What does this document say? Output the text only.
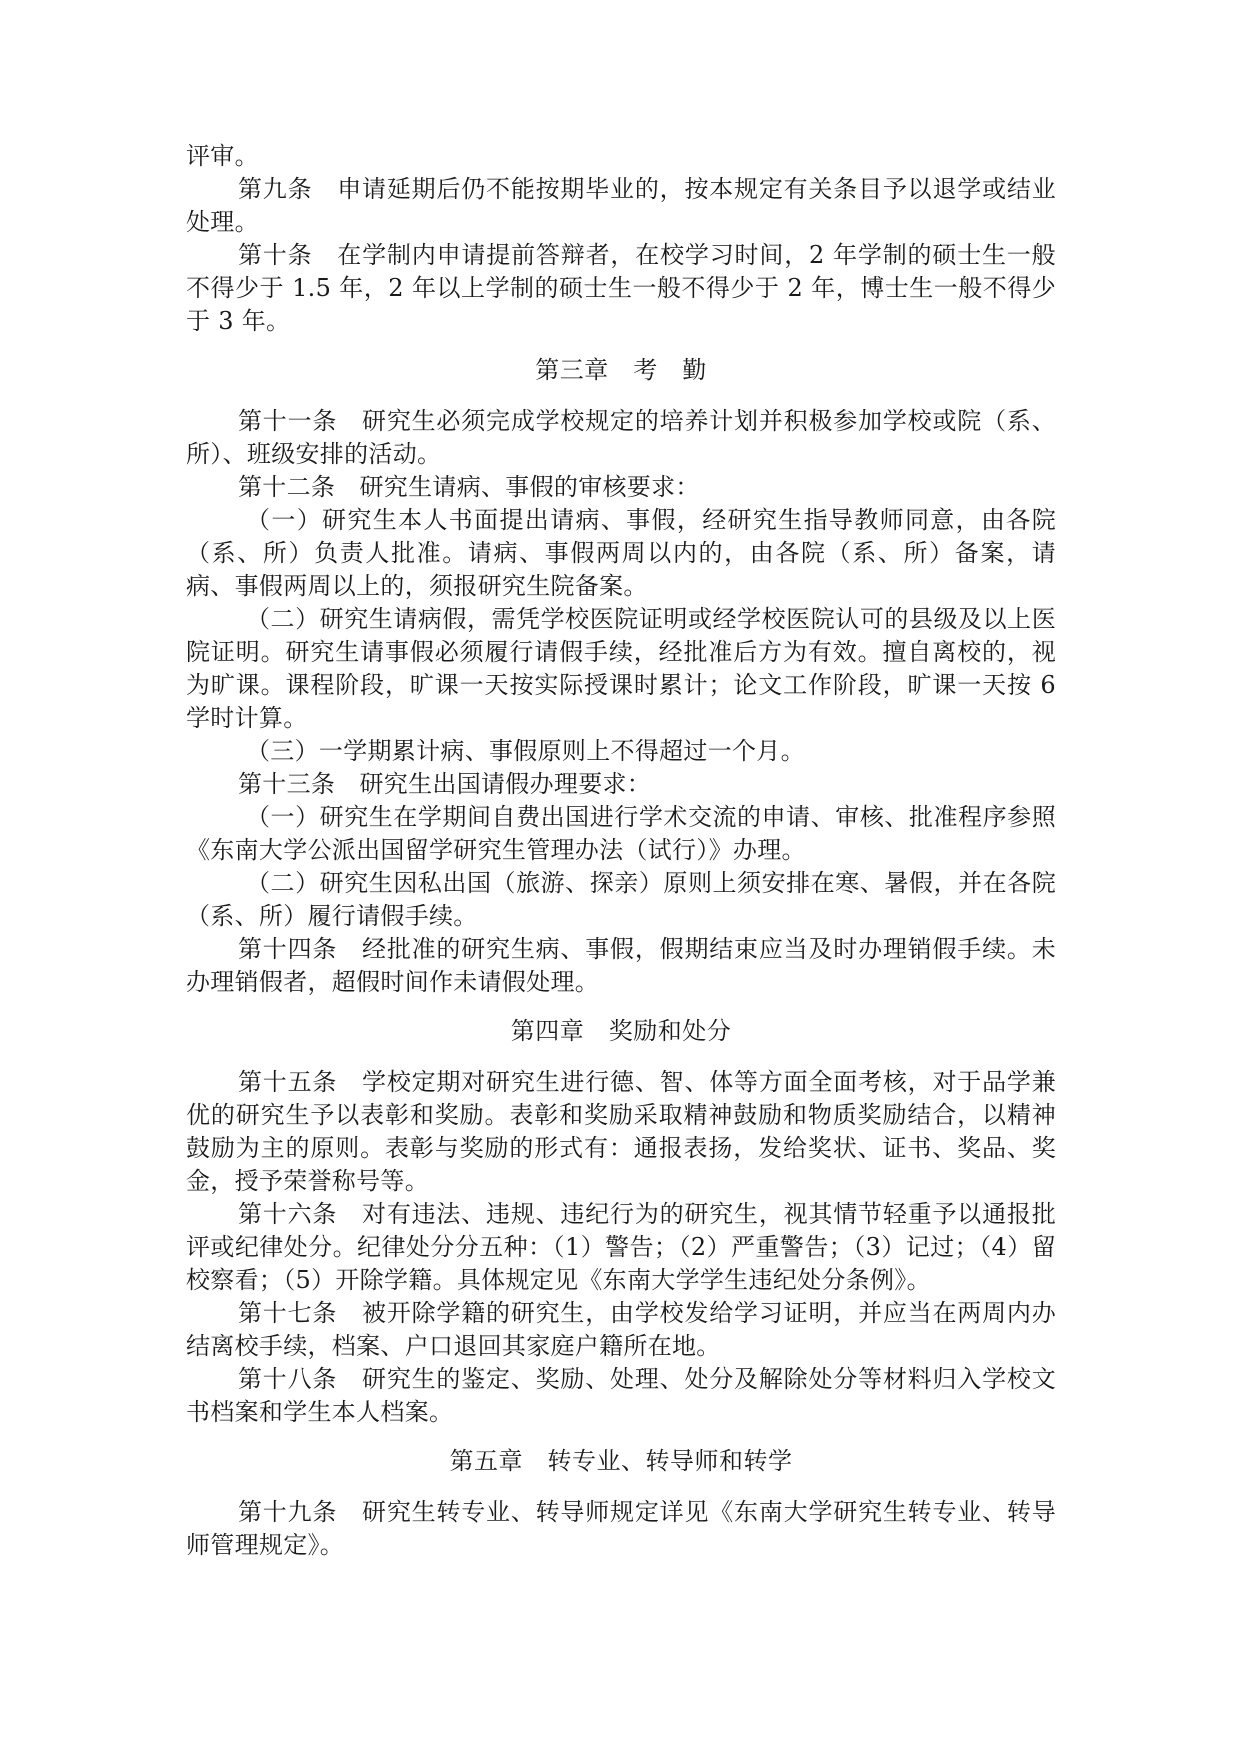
评审。

第九条　申请延期后仍不能按期毕业的，按本规定有关条目予以退学或结业处理。

第十条　在学制内申请提前答辩者，在校学习时间，2 年学制的硕士生一般不得少于 1.5 年，2 年以上学制的硕士生一般不得少于 2 年，博士生一般不得少于 3 年。

第三章　考　勤

第十一条　研究生必须完成学校规定的培养计划并积极参加学校或院（系、所）、班级安排的活动。

第十二条　研究生请病、事假的审核要求：

（一）研究生本人书面提出请病、事假，经研究生指导教师同意，由各院（系、所）负责人批准。请病、事假两周以内的，由各院（系、所）备案，请病、事假两周以上的，须报研究生院备案。

（二）研究生请病假，需凭学校医院证明或经学校医院认可的县级及以上医院证明。研究生请事假必须履行请假手续，经批准后方为有效。擅自离校的，视为旷课。课程阶段，旷课一天按实际授课时累计；论文工作阶段，旷课一天按 6 学时计算。

（三）一学期累计病、事假原则上不得超过一个月。

第十三条　研究生出国请假办理要求：

（一）研究生在学期间自费出国进行学术交流的申请、审核、批准程序参照《东南大学公派出国留学研究生管理办法（试行）》办理。

（二）研究生因私出国（旅游、探亲）原则上须安排在寒、暑假，并在各院（系、所）履行请假手续。

第十四条　经批准的研究生病、事假，假期结束应当及时办理销假手续。未办理销假者，超假时间作未请假处理。

第四章　奖励和处分

第十五条　学校定期对研究生进行德、智、体等方面全面考核，对于品学兼优的研究生予以表彰和奖励。表彰和奖励采取精神鼓励和物质奖励结合，以精神鼓励为主的原则。表彰与奖励的形式有：通报表扬，发给奖状、证书、奖品、奖金，授予荣誉称号等。

第十六条　对有违法、违规、违纪行为的研究生，视其情节轻重予以通报批评或纪律处分。纪律处分分五种：（1）警告；（2）严重警告；（3）记过；（4）留校察看；（5）开除学籍。具体规定见《东南大学学生违纪处分条例》。

第十七条　被开除学籍的研究生，由学校发给学习证明，并应当在两周内办结离校手续，档案、户口退回其家庭户籍所在地。

第十八条　研究生的鉴定、奖励、处理、处分及解除处分等材料归入学校文书档案和学生本人档案。

第五章　转专业、转导师和转学

第十九条　研究生转专业、转导师规定详见《东南大学研究生转专业、转导师管理规定》。
